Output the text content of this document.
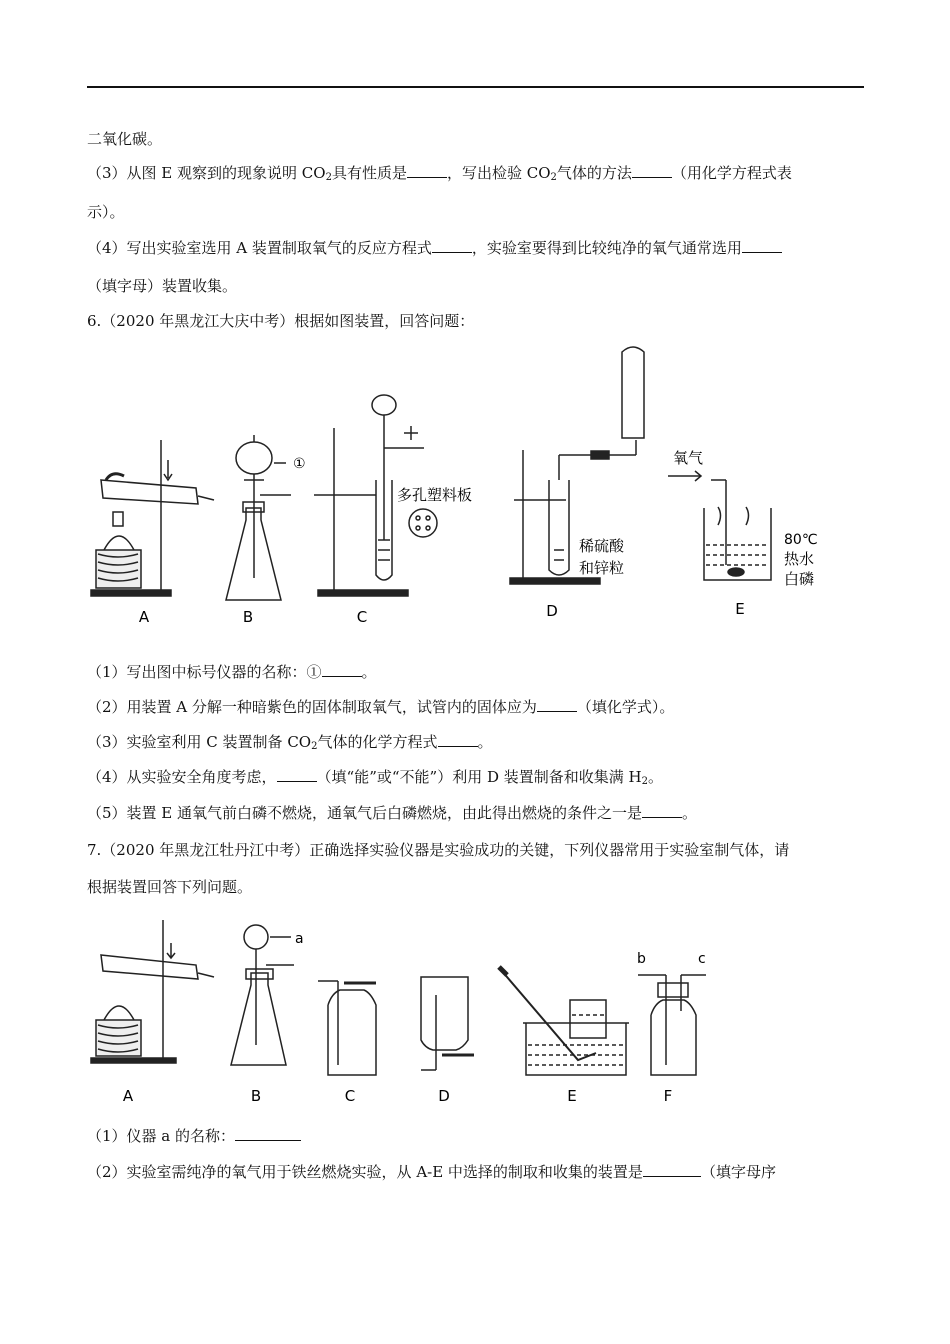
二氧化碳。
（3）从图 E 观察到的现象说明 $CO_2$具有性质是	，写出检验 $CO_2$气体的方法	（用化学方程式表
示）。
（4）写出实验室选用 A 装置制取氧气的反应方程式	，实验室要得到比较纯净的氧气通常选用
（填字母）装置收集。
6.（2020 年黑龙江大庆中考）根据如图装置，回答问题：
A
①
B
多孔塑料板
C
稀硫酸
和锌粒
D
氧气
80℃
热水
白磷
E
（1）写出图中标号仪器的名称：①	。
（2）用装置 A 分解一种暗紫色的固体制取氧气，试管内的固体应为	（填化学式）。
（3）实验室利用 C 装置制备 $CO_2$气体的化学方程式	。
（4）从实验安全角度考虑，	（填“能”或“不能”）利用 D 装置制备和收集满 $H_2$。
（5）装置 E 通氧气前白磷不燃烧，通氧气后白磷燃烧，由此得出燃烧的条件之一是	。
7.（2020 年黑龙江牡丹江中考）正确选择实验仪器是实验成功的关键，下列仪器常用于实验室制气体，请
根据装置回答下列问题。
A
a
B	C	D	E
b	c
F
（1）仪器 a 的名称：
（2）实验室需纯净的氧气用于铁丝燃烧实验，从 A-E 中选择的制取和收集的装置是	（填字母序
